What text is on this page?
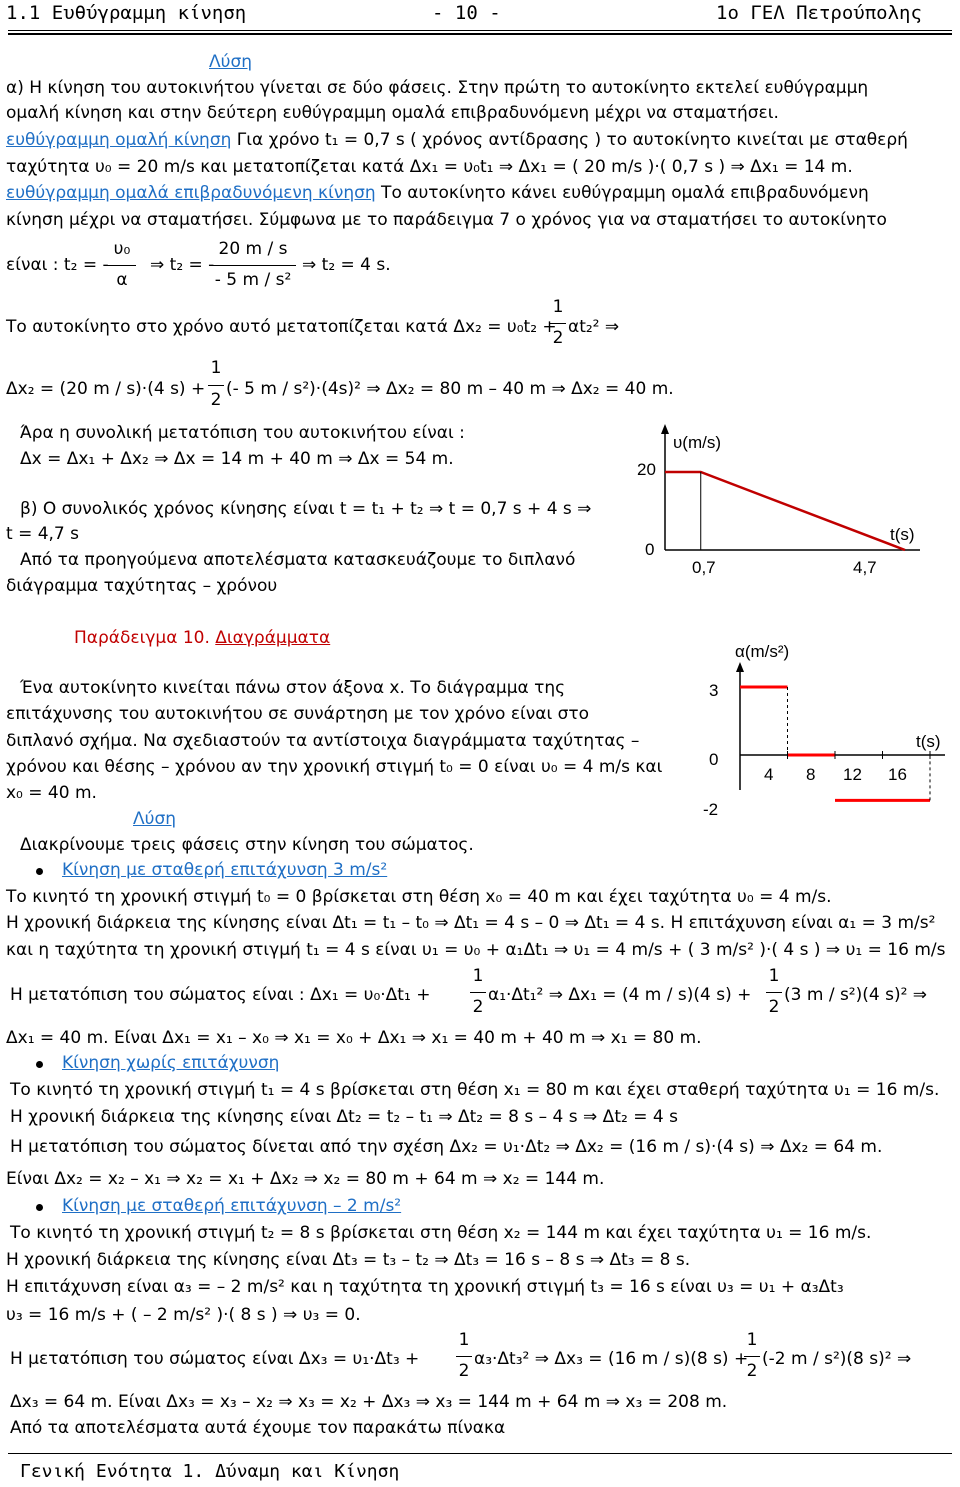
1.1 Ευθύγραμμη κίνηση	- 10 -	1ο ΓΕΛ Πετρούπολης
Λύση
α) Η κίνηση του αυτοκινήτου γίνεται σε δύο φάσεις. Στην πρώτη το αυτοκίνητο εκτελεί ευθύγραμμη
ομαλή κίνηση και στην δεύτερη ευθύγραμμη ομαλά επιβραδυνόμενη μέχρι να σταματήσει.
ευθύγραμμη ομαλή κίνηση Για χρόνο t₁ = 0,7 s ( χρόνος αντίδρασης ) το αυτοκίνητο κινείται με σταθερή
ταχύτητα υ₀ = 20 m/s και μετατοπίζεται κατά Δx₁ = υ₀t₁ ⇒ Δx₁ = ( 20 m/s )·( 0,7 s ) ⇒ Δx₁ = 14 m.
ευθύγραμμη ομαλά επιβραδυνόμενη κίνηση Το αυτοκίνητο κάνει ευθύγραμμη ομαλά επιβραδυνόμενη
κίνηση μέχρι να σταματήσει. Σύμφωνα με το παράδειγμα 7 ο χρόνος για να σταματήσει το αυτοκίνητο
είναι : t₂ = -
υ₀
α
⇒ t₂ = -
20 m / s
- 5 m / s²
⇒ t₂ = 4 s.
Το αυτοκίνητο στο χρόνο αυτό μετατοπίζεται κατά Δx₂ = υ₀t₂ +
1
2
αt₂² ⇒
Δx₂ = (20 m / s)·(4 s) +
1
2
(- 5 m / s²)·(4s)² ⇒ Δx₂ = 80 m – 40 m ⇒ Δx₂ = 40 m.
Άρα η συνολική μετατόπιση του αυτοκινήτου είναι :
Δx = Δx₁ + Δx₂ ⇒ Δx = 14 m + 40 m ⇒ Δx = 54 m.
β) Ο συνολικός χρόνος κίνησης είναι t = t₁ + t₂ ⇒ t = 0,7 s + 4 s ⇒
t = 4,7 s
Από τα προηγούμενα αποτελέσματα κατασκευάζουμε το διπλανό
διάγραμμα ταχύτητας – χρόνου
υ(m/s)
t(s)
20
0
0,7	4,7
Παράδειγμα 10. Διαγράμματα
Ένα αυτοκίνητο κινείται πάνω στον άξονα x. Το διάγραμμα της
επιτάχυνσης του αυτοκινήτου σε συνάρτηση με τον χρόνο είναι στο
διπλανό σχήμα. Να σχεδιαστούν τα αντίστοιχα διαγράμματα ταχύτητας –
χρόνου και θέσης – χρόνου αν την χρονική στιγμή t₀ = 0 είναι υ₀ = 4 m/s και
x₀ = 40 m.
Λύση
Διακρίνουμε τρεις φάσεις στην κίνηση του σώματος.
α(m/s²)
t(s)
3
0
-2
4 8 12 16
Κίνηση με σταθερή επιτάχυνση 3 m/s²
Το κινητό τη χρονική στιγμή t₀ = 0 βρίσκεται στη θέση x₀ = 40 m και έχει ταχύτητα υ₀ = 4 m/s.
Η χρονική διάρκεια της κίνησης είναι Δt₁ = t₁ – t₀ ⇒ Δt₁ = 4 s – 0 ⇒ Δt₁ = 4 s. Η επιτάχυνση είναι α₁ = 3 m/s²
και η ταχύτητα τη χρονική στιγμή t₁ = 4 s είναι υ₁ = υ₀ + α₁Δt₁ ⇒ υ₁ = 4 m/s + ( 3 m/s² )·( 4 s ) ⇒ υ₁ = 16 m/s
Η μετατόπιση του σώματος είναι : Δx₁ = υ₀·Δt₁ +
1
2
α₁·Δt₁² ⇒ Δx₁ = (4 m / s)(4 s) +
1
2
(3 m / s²)(4 s)² ⇒
Δx₁ = 40 m. Είναι Δx₁ = x₁ – x₀ ⇒ x₁ = x₀ + Δx₁ ⇒ x₁ = 40 m + 40 m ⇒ x₁ = 80 m.
Κίνηση χωρίς επιτάχυνση
Το κινητό τη χρονική στιγμή t₁ = 4 s βρίσκεται στη θέση x₁ = 80 m και έχει σταθερή ταχύτητα υ₁ = 16 m/s.
Η χρονική διάρκεια της κίνησης είναι Δt₂ = t₂ – t₁ ⇒ Δt₂ = 8 s – 4 s ⇒ Δt₂ = 4 s
Η μετατόπιση του σώματος δίνεται από την σχέση Δx₂ = υ₁·Δt₂ ⇒ Δx₂ = (16 m / s)·(4 s) ⇒ Δx₂ = 64 m.
Είναι Δx₂ = x₂ – x₁ ⇒ x₂ = x₁ + Δx₂ ⇒ x₂ = 80 m + 64 m ⇒ x₂ = 144 m.
Κίνηση με σταθερή επιτάχυνση – 2 m/s²
Το κινητό τη χρονική στιγμή t₂ = 8 s βρίσκεται στη θέση x₂ = 144 m και έχει ταχύτητα υ₁ = 16 m/s.
Η χρονική διάρκεια της κίνησης είναι Δt₃ = t₃ – t₂ ⇒ Δt₃ = 16 s – 8 s ⇒ Δt₃ = 8 s.
Η επιτάχυνση είναι α₃ = – 2 m/s² και η ταχύτητα τη χρονική στιγμή t₃ = 16 s είναι υ₃ = υ₁ + α₃Δt₃
υ₃ = 16 m/s + ( – 2 m/s² )·( 8 s ) ⇒ υ₃ = 0.
Η μετατόπιση του σώματος είναι Δx₃ = υ₁·Δt₃ +
1
2
α₃·Δt₃² ⇒ Δx₃ = (16 m / s)(8 s) +
1
2
(-2 m / s²)(8 s)² ⇒
Δx₃ = 64 m. Είναι Δx₃ = x₃ – x₂ ⇒ x₃ = x₂ + Δx₃ ⇒ x₃ = 144 m + 64 m ⇒ x₃ = 208 m.
Από τα αποτελέσματα αυτά έχουμε τον παρακάτω πίνακα
Γενική Ενότητα 1. Δύναμη και Κίνηση
